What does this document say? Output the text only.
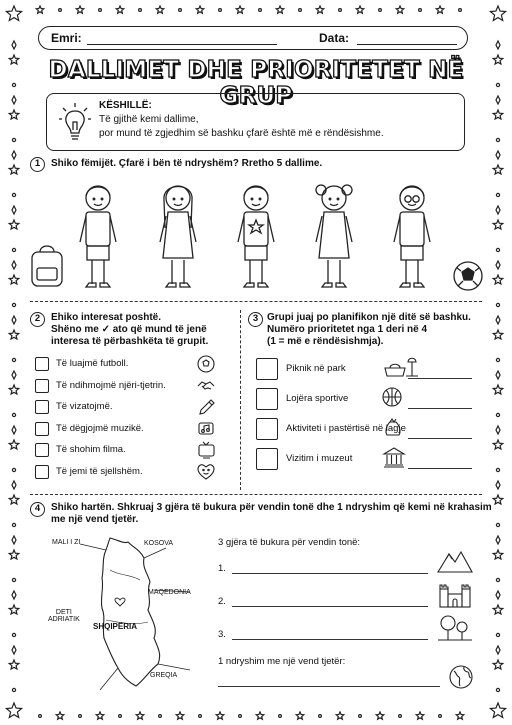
Emri:	Data:
DALLIMET DHE PRIORITETET NË GRUP
KËSHILLË:
Të gjithë kemi dallime,
por mund të zgjedhim së bashku çfarë është më e rëndësishme.
1	Shiko fëmijët. Çfarë i bën të ndryshëm? Rretho 5 dallime.
2	Ehiko interesat poshtë.
Shëno me ✓ ato që mund të jenë
interesa të përbashkëta të grupit.
3 Grupi juaj po planifikon një ditë së bashku.
Numëro prioritetet nga 1 deri në 4
(1 = më e rëndësishmja).
4	Shiko hartën. Shkruaj 3 gjëra të bukura për vendin tonë dhe 1 ndryshim që kemi në krahasim
me një vend tjetër.
MALI I ZI	KOSOVA
MAQEDONIA
DETI
ADRIATIK
SHQIPËRIA
GREQIA
3 gjëra të bukura për vendin tonë:
1 ndryshim me një vend tjetër:
Të luajmë futboll.
Të ndihmojmë njëri-tjetrin.
Të vizatojmë.
Të dëgjojmë muzikë.
Të shohim filma.
Të jemi të sjellshëm.
Piknik në park
Lojëra sportive
Aktiviteti i pastërtisë në lagje
Vizitim i muzeut
1.
2.
3.
